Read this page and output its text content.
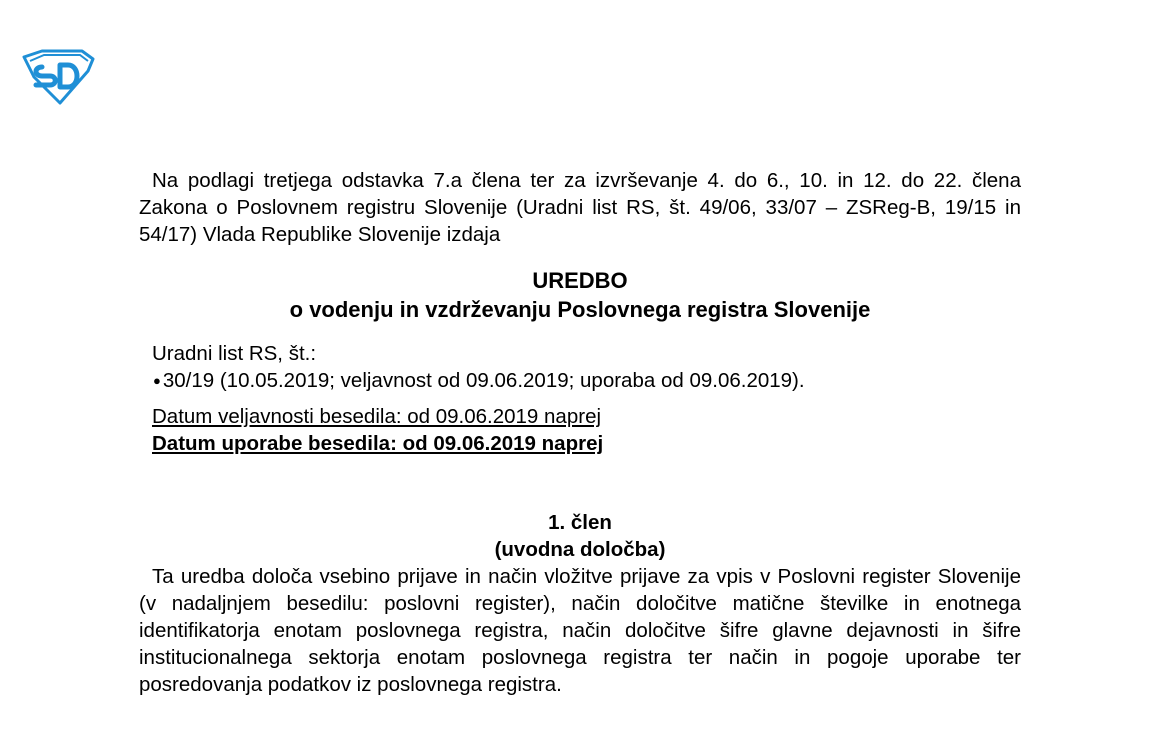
Na podlagi tretjega odstavka 7.a člena ter za izvrševanje 4. do 6., 10. in 12. do 22. člena Zakona o Poslovnem registru Slovenije (Uradni list RS, št. 49/06, 33/07 – ZSReg-B, 19/15 in 54/17) Vlada Republike Slovenije izdaja

UREDBO

o vodenju in vzdrževanju Poslovnega registra Slovenije

Uradni list RS, št.:

● 30/19 (10.05.2019; veljavnost od 09.06.2019; uporaba od 09.06.2019).

Datum veljavnosti besedila: od 09.06.2019 naprej

Datum uporabe besedila: od 09.06.2019 naprej

1. člen

(uvodna določba)

Ta uredba določa vsebino prijave in način vložitve prijave za vpis v Poslovni register Slovenije (v nadaljnjem besedilu: poslovni register), način določitve matične številke in enotnega identifikatorja enotam poslovnega registra, način določitve šifre glavne dejavnosti in šifre institucionalnega sektorja enotam poslovnega registra ter način in pogoje uporabe ter posredovanja podatkov iz poslovnega registra.
